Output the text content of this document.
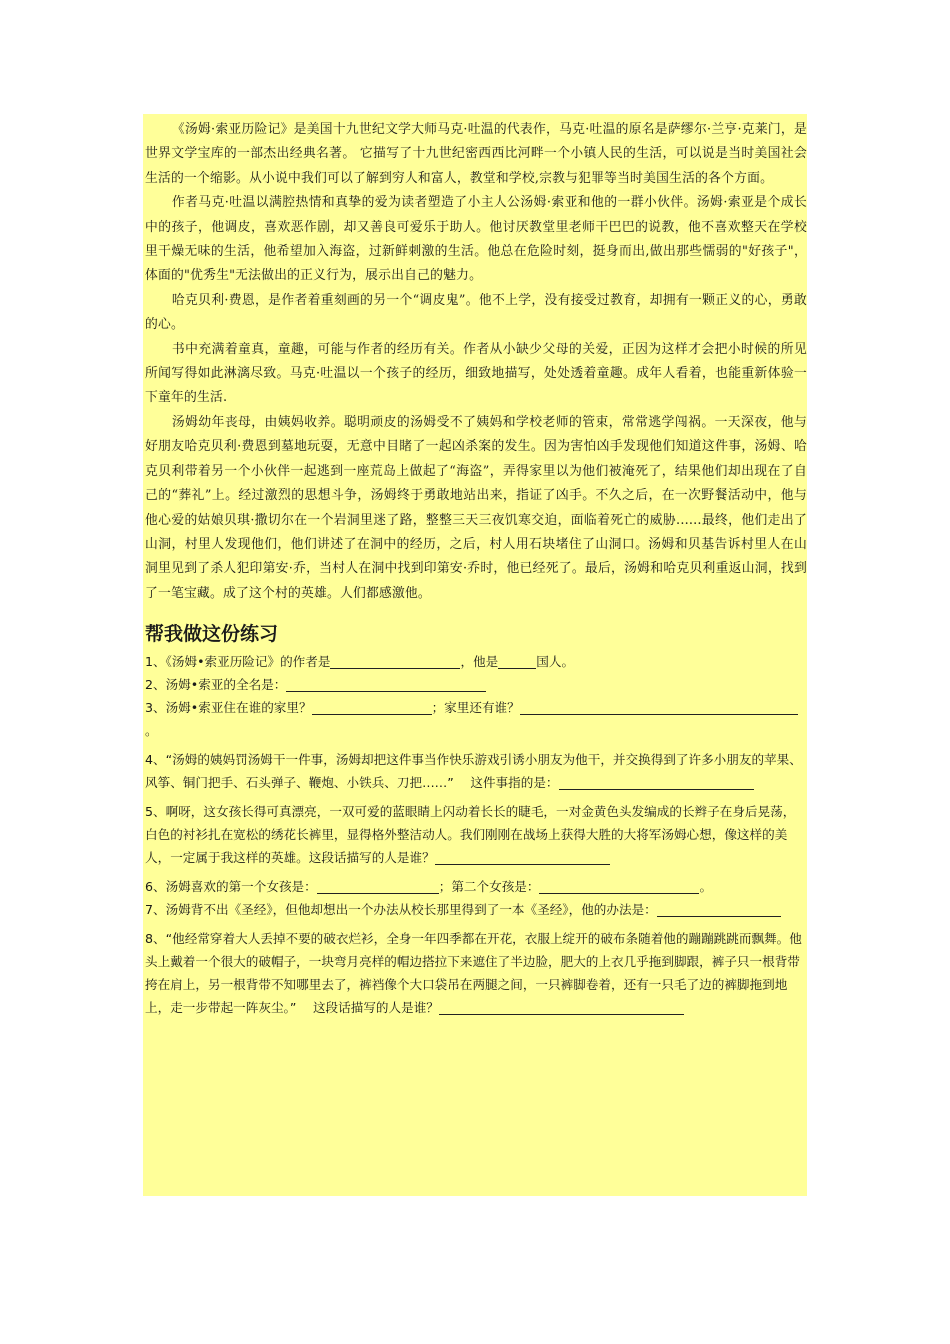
《汤姆·索亚历险记》是美国十九世纪文学大师马克·吐温的代表作，马克·吐温的原名是萨缪尔·兰亨·克莱门，是世界文学宝库的一部杰出经典名著。 它描写了十九世纪密西西比河畔一个小镇人民的生活，可以说是当时美国社会生活的一个缩影。从小说中我们可以了解到穷人和富人，教堂和学校,宗教与犯罪等当时美国生活的各个方面。

作者马克·吐温以满腔热情和真挚的爱为读者塑造了小主人公汤姆·索亚和他的一群小伙伴。汤姆·索亚是个成长中的孩子，他调皮，喜欢恶作剧，却又善良可爱乐于助人。他讨厌教堂里老师干巴巴的说教，他不喜欢整天在学校里干燥无味的生活，他希望加入海盗，过新鲜刺激的生活。他总在危险时刻，挺身而出,做出那些懦弱的"好孩子"，体面的"优秀生"无法做出的正义行为，展示出自己的魅力。

哈克贝利·费恩，是作者着重刻画的另一个“调皮鬼”。他不上学，没有接受过教育，却拥有一颗正义的心，勇敢的心。

书中充满着童真，童趣，可能与作者的经历有关。作者从小缺少父母的关爱，正因为这样才会把小时候的所见所闻写得如此淋漓尽致。马克·吐温以一个孩子的经历，细致地描写，处处透着童趣。成年人看着，也能重新体验一下童年的生活.

汤姆幼年丧母，由姨妈收养。聪明顽皮的汤姆受不了姨妈和学校老师的管束，常常逃学闯祸。一天深夜，他与好朋友哈克贝利·费恩到墓地玩耍，无意中目睹了一起凶杀案的发生。因为害怕凶手发现他们知道这件事，汤姆、哈克贝利带着另一个小伙伴一起逃到一座荒岛上做起了“海盗”，弄得家里以为他们被淹死了，结果他们却出现在了自己的“葬礼”上。经过激烈的思想斗争，汤姆终于勇敢地站出来，指证了凶手。不久之后，在一次野餐活动中，他与他心爱的姑娘贝琪·撒切尔在一个岩洞里迷了路，整整三天三夜饥寒交迫，面临着死亡的威胁......最终，他们走出了山洞，村里人发现他们，他们讲述了在洞中的经历，之后，村人用石块堵住了山洞口。汤姆和贝基告诉村里人在山洞里见到了杀人犯印第安·乔，当村人在洞中找到印第安·乔时，他已经死了。最后，汤姆和哈克贝利重返山洞，找到了一笔宝藏。成了这个村的英雄。人们都感激他。

帮我做这份练习

1、《汤姆•索亚历险记》的作者是	，他是	国人。

2、汤姆•索亚的全名是：

3、汤姆•索亚住在谁的家里？	；家里还有谁？。

4、“汤姆的姨妈罚汤姆干一件事，汤姆却把这件事当作快乐游戏引诱小朋友为他干，并交换得到了许多小朋友的苹果、风筝、铜门把手、石头弹子、鞭炮、小铁兵、刀把……”　 这件事指的是：

5、啊呀，这女孩长得可真漂亮，一双可爱的蓝眼睛上闪动着长长的睫毛，一对金黄色头发编成的长辫子在身后晃荡，白色的衬衫扎在宽松的绣花长裤里，显得格外整洁动人。我们刚刚在战场上获得大胜的大将军汤姆心想，像这样的美人，一定属于我这样的英雄。这段话描写的人是谁？

6、汤姆喜欢的第一个女孩是：	；第二个女孩是：	。

7、汤姆背不出《圣经》，但他却想出一个办法从校长那里得到了一本《圣经》，他的办法是：

8、“他经常穿着大人丢掉不要的破衣烂衫，全身一年四季都在开花，衣服上绽开的破布条随着他的蹦蹦跳跳而飘舞。他头上戴着一个很大的破帽子，一块弯月亮样的帽边搭拉下来遮住了半边脸，肥大的上衣几乎拖到脚跟，裤子只一根背带挎在肩上，另一根背带不知哪里去了，裤裆像个大口袋吊在两腿之间，一只裤脚卷着，还有一只毛了边的裤脚拖到地上，走一步带起一阵灰尘。”　 这段话描写的人是谁？
